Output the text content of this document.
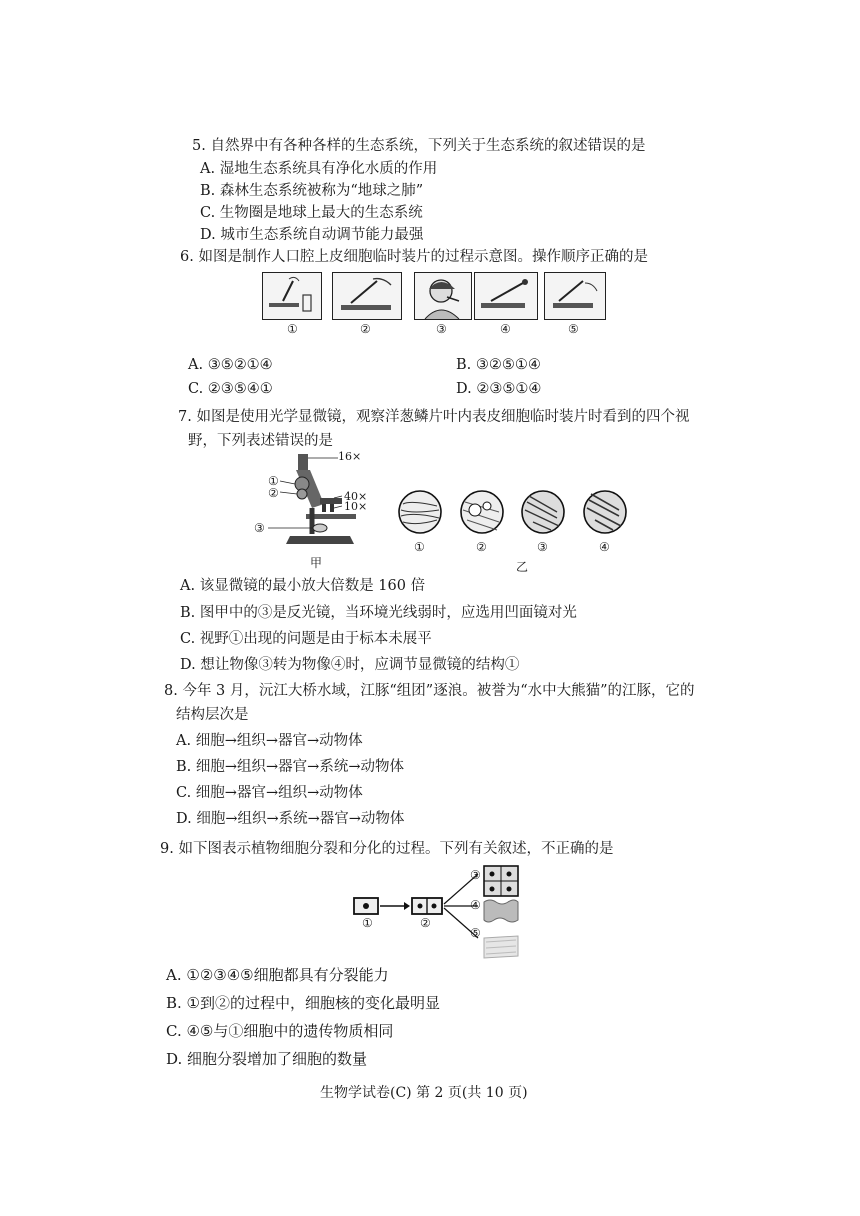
5. 自然界中有各种各样的生态系统，下列关于生态系统的叙述错误的是
A. 湿地生态系统具有净化水质的作用
B. 森林生态系统被称为“地球之肺”
C. 生物圈是地球上最大的生态系统
D. 城市生态系统自动调节能力最强
6. 如图是制作人口腔上皮细胞临时装片的过程示意图。操作顺序正确的是
①	②	③	④	⑤
A. ③⑤②①④	B. ③②⑤①④
C. ②③⑤④①	D. ②③⑤①④
7. 如图是使用光学显微镜，观察洋葱鳞片叶内表皮细胞临时装片时看到的四个视
野，下列表述错误的是
16×
40×
10×
①
②
③
甲
①	②	③	④
乙
A. 该显微镜的最小放大倍数是 160 倍
B. 图甲中的③是反光镜，当环境光线弱时，应选用凹面镜对光
C. 视野①出现的问题是由于标本未展平
D. 想让物像③转为物像④时，应调节显微镜的结构①
8. 今年 3 月，沅江大桥水域，江豚“组团”逐浪。被誉为“水中大熊猫”的江豚，它的
结构层次是
A. 细胞→组织→器官→动物体
B. 细胞→组织→器官→系统→动物体
C. 细胞→器官→组织→动物体
D. 细胞→组织→系统→器官→动物体
9. 如下图表示植物细胞分裂和分化的过程。下列有关叙述，不正确的是
①	②
③
④
⑤
A. ①②③④⑤细胞都具有分裂能力
B. ①到②的过程中，细胞核的变化最明显
C. ④⑤与①细胞中的遗传物质相同
D. 细胞分裂增加了细胞的数量
生物学试卷(C) 第 2 页(共 10 页)
